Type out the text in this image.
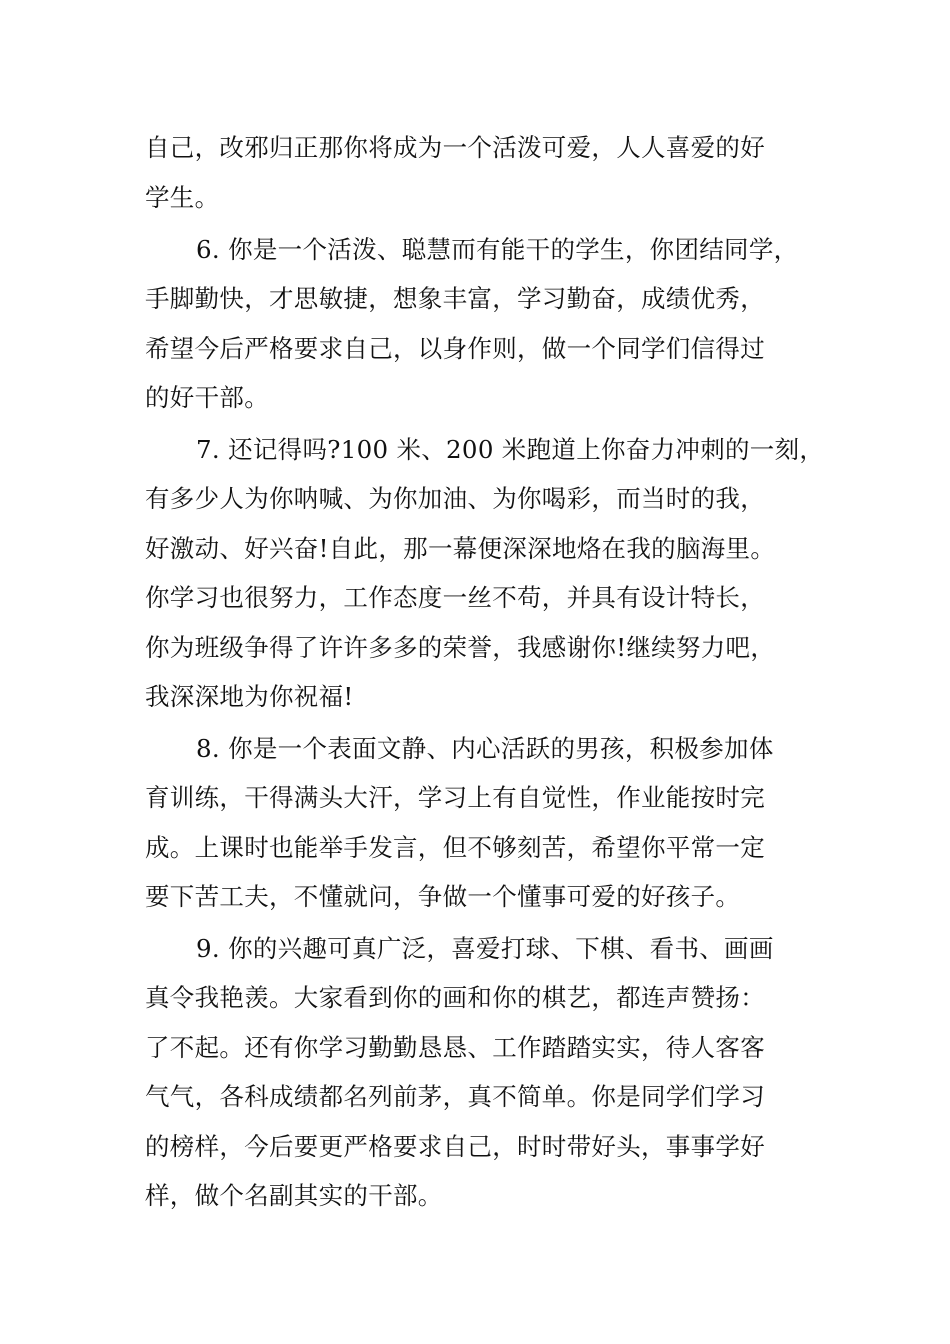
自己，改邪归正那你将成为一个活泼可爱，人人喜爱的好
学生。
6. 你是一个活泼、聪慧而有能干的学生，你团结同学，
手脚勤快，才思敏捷，想象丰富，学习勤奋，成绩优秀，
希望今后严格要求自己，以身作则，做一个同学们信得过
的好干部。
7. 还记得吗?100 米、200 米跑道上你奋力冲刺的一刻，
有多少人为你呐喊、为你加油、为你喝彩，而当时的我，
好激动、好兴奋!自此，那一幕便深深地烙在我的脑海里。
你学习也很努力，工作态度一丝不苟，并具有设计特长，
你为班级争得了许许多多的荣誉，我感谢你!继续努力吧，
我深深地为你祝福!
8. 你是一个表面文静、内心活跃的男孩，积极参加体
育训练，干得满头大汗，学习上有自觉性，作业能按时完
成。上课时也能举手发言，但不够刻苦，希望你平常一定
要下苦工夫，不懂就问，争做一个懂事可爱的好孩子。
9. 你的兴趣可真广泛，喜爱打球、下棋、看书、画画
真令我艳羡。大家看到你的画和你的棋艺，都连声赞扬：
了不起。还有你学习勤勤恳恳、工作踏踏实实，待人客客
气气，各科成绩都名列前茅，真不简单。你是同学们学习
的榜样，今后要更严格要求自己，时时带好头，事事学好
样，做个名副其实的干部。
